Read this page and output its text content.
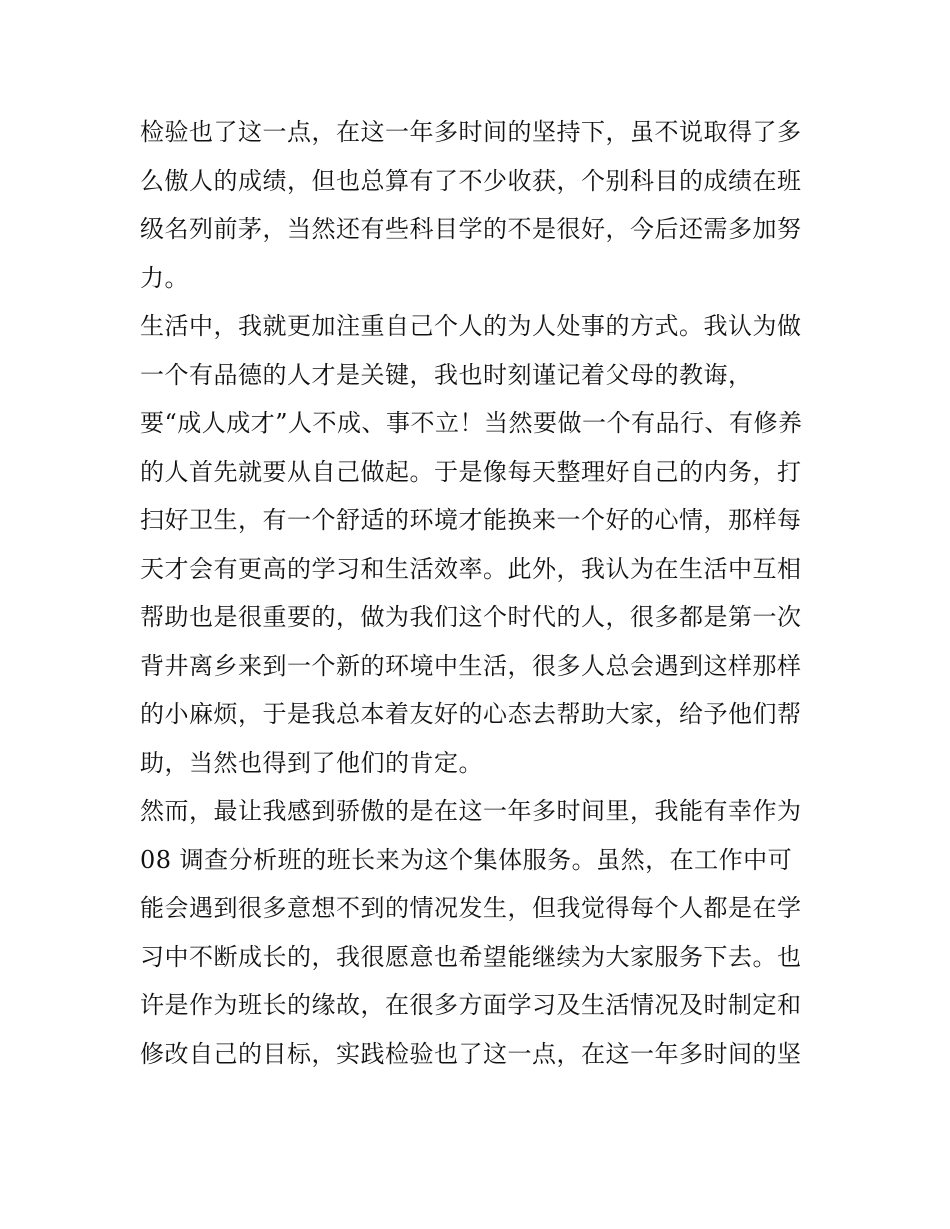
检验也了这一点，在这一年多时间的坚持下，虽不说取得了多
么傲人的成绩，但也总算有了不少收获，个别科目的成绩在班
级名列前茅，当然还有些科目学的不是很好，今后还需多加努
力。
生活中，我就更加注重自己个人的为人处事的方式。我认为做
一个有品德的人才是关键，我也时刻谨记着父母的教诲，
要“成人成才”人不成、事不立！当然要做一个有品行、有修养
的人首先就要从自己做起。于是像每天整理好自己的内务，打
扫好卫生，有一个舒适的环境才能换来一个好的心情，那样每
天才会有更高的学习和生活效率。此外，我认为在生活中互相
帮助也是很重要的，做为我们这个时代的人，很多都是第一次
背井离乡来到一个新的环境中生活，很多人总会遇到这样那样
的小麻烦，于是我总本着友好的心态去帮助大家，给予他们帮
助，当然也得到了他们的肯定。
然而，最让我感到骄傲的是在这一年多时间里，我能有幸作为
08 调查分析班的班长来为这个集体服务。虽然，在工作中可
能会遇到很多意想不到的情况发生，但我觉得每个人都是在学
习中不断成长的，我很愿意也希望能继续为大家服务下去。也
许是作为班长的缘故，在很多方面学习及生活情况及时制定和
修改自己的目标，实践检验也了这一点，在这一年多时间的坚
